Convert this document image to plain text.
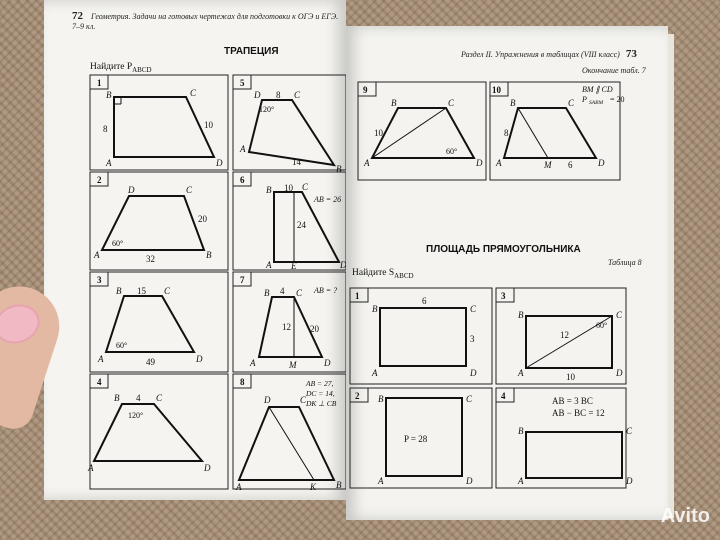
72 Геометрия. Задачи на готовых чертежах для подготовки к ОГЭ и ЕГЭ. 7–9 кл.
ТРАПЕЦИЯ
Найдите $P_{ABCD}$
1	5
2	6
3	7
4	8
B	C
D
A
8	10
D	C
B
A
8
120°
14
D	C
A	B
60°
20
32
B 10 C
AB = 26
24
A E	D
B 15 C
A	D
60°
49
B 4 C AB = ?
12 20
A	M	D
B 4 C
A	D
120°
D	C
A	K B
AB = 27,
DC = 14,
DK ⊥ CB
Раздел II. Упражнения в таблицах (VIII класс) 73
Окончание табл. 7
ПЛОЩАДЬ ПРЯМОУГОЛЬНИКА
Таблица 8
Найдите $S_{ABCD}$
9	10
1	3
2	4
B	C
A	D
10
60°
B	C
A	M	D
8
6
BM ∥ CD
P SABM = 20
B
6
C
A	D
3
B	C
A	D
12
60°
10
B	C
A	D
P = 28
B	C
A	D
AB = 3 BC
AB − BC = 12
Avito
